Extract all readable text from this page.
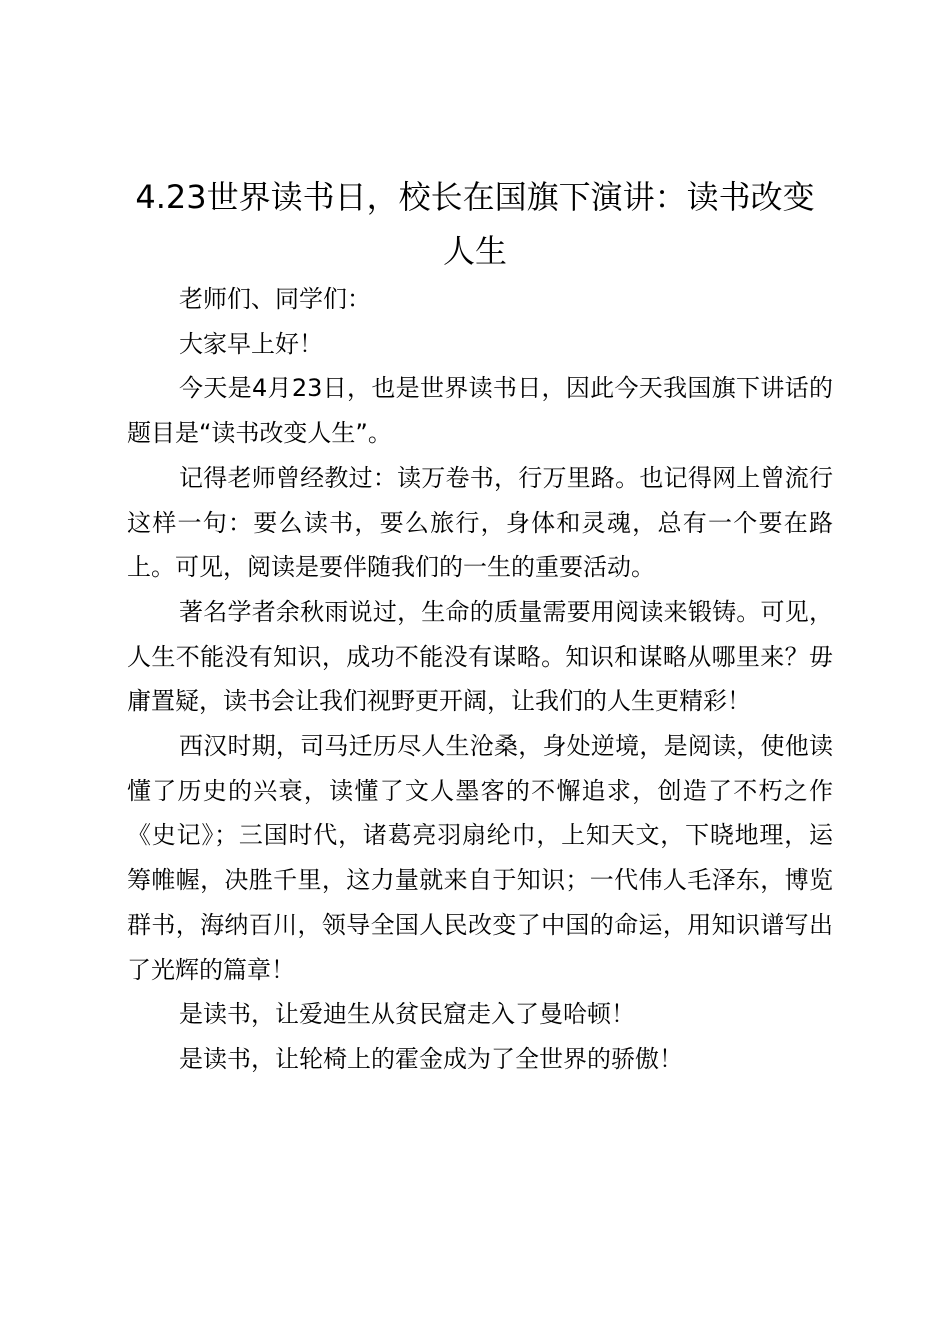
4.23世界读书日，校长在国旗下演讲：读书改变人生

老师们、同学们：

大家早上好！

今天是4月23日，也是世界读书日，因此今天我国旗下讲话的题目是“读书改变人生”。

记得老师曾经教过：读万卷书，行万里路。也记得网上曾流行这样一句：要么读书，要么旅行，身体和灵魂，总有一个要在路上。可见，阅读是要伴随我们的一生的重要活动。

著名学者余秋雨说过，生命的质量需要用阅读来锻铸。可见，人生不能没有知识，成功不能没有谋略。知识和谋略从哪里来？毋庸置疑，读书会让我们视野更开阔，让我们的人生更精彩！

西汉时期，司马迁历尽人生沧桑，身处逆境，是阅读，使他读懂了历史的兴衰，读懂了文人墨客的不懈追求，创造了不朽之作《史记》；三国时代，诸葛亮羽扇纶巾，上知天文，下晓地理，运筹帷幄，决胜千里，这力量就来自于知识；一代伟人毛泽东，博览群书，海纳百川，领导全国人民改变了中国的命运，用知识谱写出了光辉的篇章！

是读书，让爱迪生从贫民窟走入了曼哈顿！

是读书，让轮椅上的霍金成为了全世界的骄傲！
